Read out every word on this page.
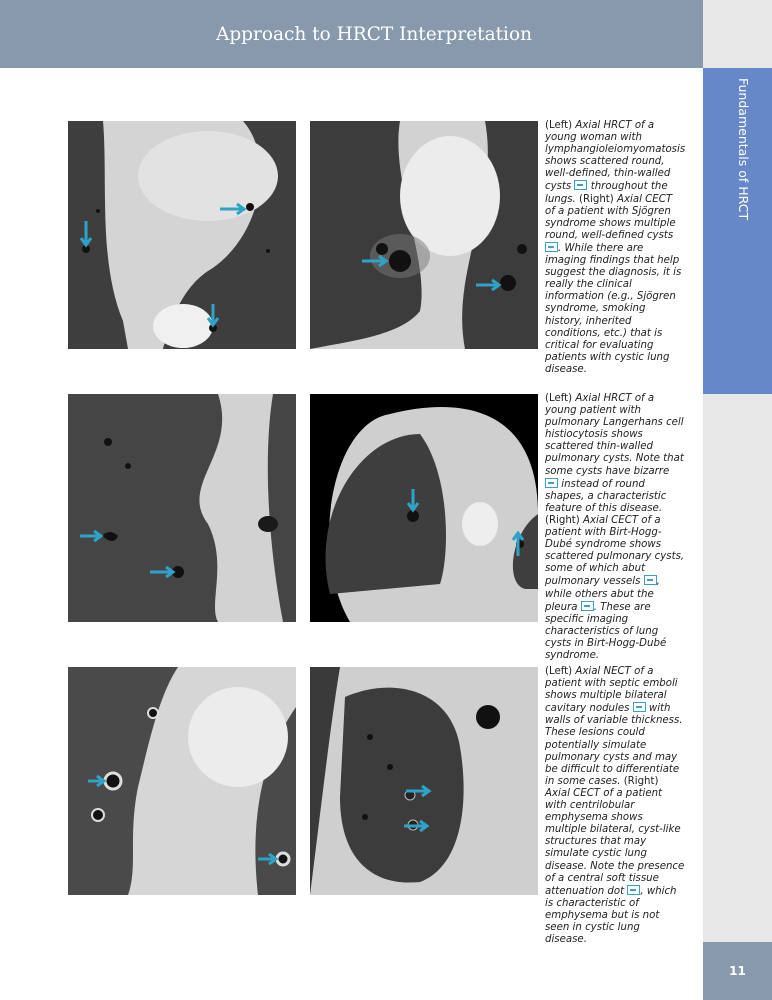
Approach to HRCT Interpretation
Fundamentals of HRCT
11
(Left) Axial HRCT of a young woman with lymphangioleiomyomatosis shows scattered round, well-defined, thin-walled cysts  throughout the lungs. (Right) Axial CECT of a patient with Sjögren syndrome shows multiple round, well-defined cysts . While there are imaging findings that help suggest the diagnosis, it is really the clinical information (e.g., Sjögren syndrome, smoking history, inherited conditions, etc.) that is critical for evaluating patients with cystic lung disease.
(Left) Axial HRCT of a young patient with pulmonary Langerhans cell histiocytosis shows scattered thin-walled pulmonary cysts. Note that some cysts have bizarre  instead of round shapes, a characteristic feature of this disease. (Right) Axial CECT of a patient with Birt-Hogg-Dubé syndrome shows scattered pulmonary cysts, some of which abut pulmonary vessels , while others abut the pleura . These are specific imaging characteristics of lung cysts in Birt-Hogg-Dubé syndrome.
(Left) Axial NECT of a patient with septic emboli shows multiple bilateral cavitary nodules  with walls of variable thickness. These lesions could potentially simulate pulmonary cysts and may be difficult to differentiate in some cases. (Right) Axial CECT of a patient with centrilobular emphysema shows multiple bilateral, cyst-like structures that may simulate cystic lung disease. Note the presence of a central soft tissue attenuation dot , which is characteristic of emphysema but is not seen in cystic lung disease.
